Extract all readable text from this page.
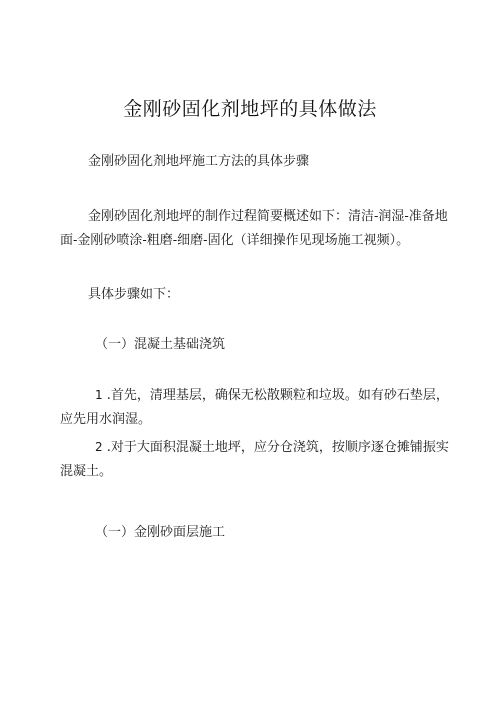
金刚砂固化剂地坪的具体做法

金刚砂固化剂地坪施工方法的具体步骤

金刚砂固化剂地坪的制作过程简要概述如下：清洁-润湿-准备地
面-金刚砂喷涂-粗磨-细磨-固化（详细操作见现场施工视频）。

具体步骤如下：

（一）混凝土基础浇筑

1 .首先，清理基层，确保无松散颗粒和垃圾。如有砂石垫层，
应先用水润湿。
2 .对于大面积混凝土地坪，应分仓浇筑，按顺序逐仓摊铺振实
混凝土。

（一）金刚砂面层施工
